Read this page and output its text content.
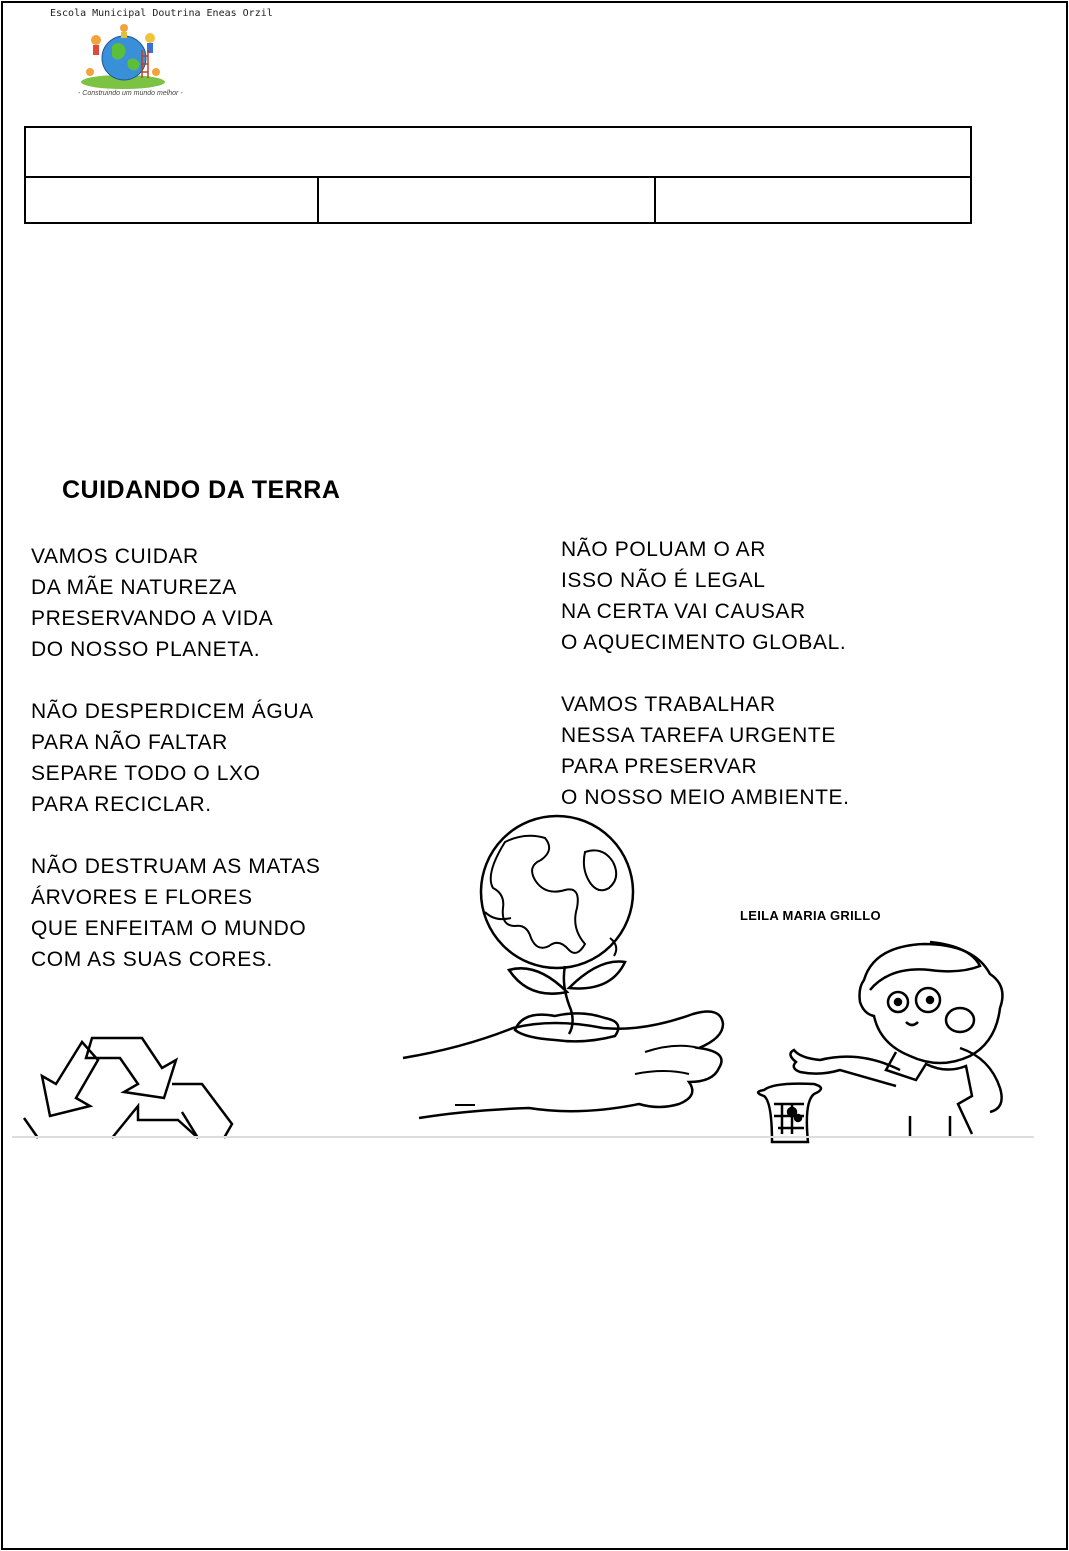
Escola Municipal Doutrina Eneas Orzil
- Construindo um mundo melhor -
CUIDANDO DA TERRA
VAMOS CUIDAR
DA MÃE NATUREZA
PRESERVANDO A VIDA
DO NOSSO PLANETA.
NÃO DESPERDICEM ÁGUA
PARA NÃO FALTAR
SEPARE TODO O LXO
PARA RECICLAR.
NÃO DESTRUAM AS MATAS
ÁRVORES E FLORES
QUE ENFEITAM O MUNDO
COM AS SUAS CORES.
NÃO POLUAM O AR
ISSO NÃO É LEGAL
NA CERTA VAI CAUSAR
O AQUECIMENTO GLOBAL.
VAMOS TRABALHAR
NESSA TAREFA URGENTE
PARA PRESERVAR
O NOSSO MEIO AMBIENTE.
LEILA MARIA GRILLO
